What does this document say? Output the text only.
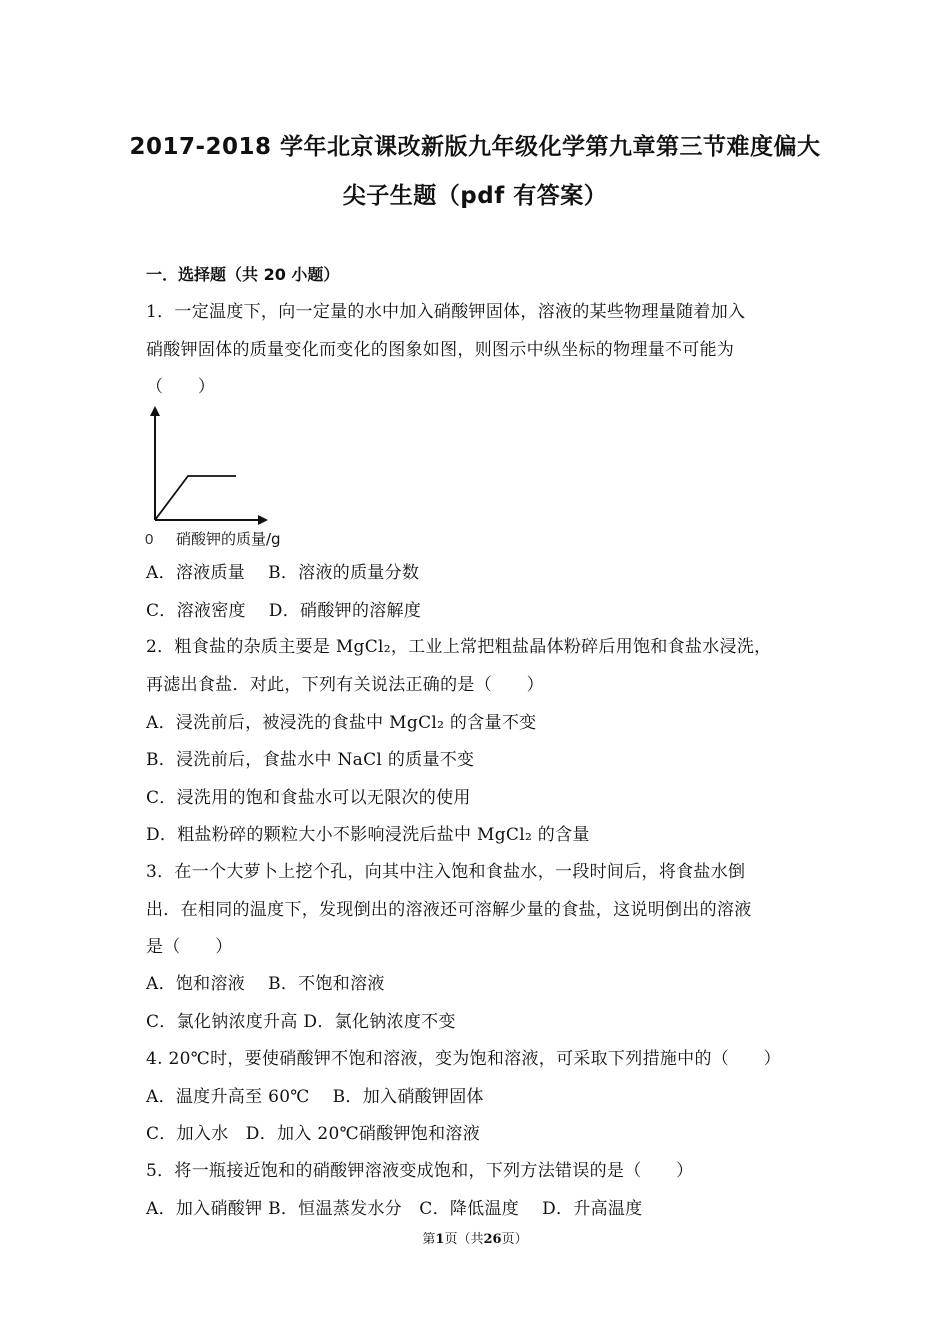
2017-2018 学年北京课改新版九年级化学第九章第三节难度偏大
尖子生题（pdf 有答案）
一．选择题（共 20 小题）
1．一定温度下，向一定量的水中加入硝酸钾固体，溶液的某些物理量随着加入
硝酸钾固体的质量变化而变化的图象如图，则图示中纵坐标的物理量不可能为
（　　）
0 硝酸钾的质量/g
A．溶液质量　 B．溶液的质量分数
C．溶液密度　 D．硝酸钾的溶解度
2．粗食盐的杂质主要是 MgCl₂，工业上常把粗盐晶体粉碎后用饱和食盐水浸洗，
再滤出食盐．对此，下列有关说法正确的是（　　）
A．浸洗前后，被浸洗的食盐中 MgCl₂ 的含量不变
B．浸洗前后，食盐水中 NaCl 的质量不变
C．浸洗用的饱和食盐水可以无限次的使用
D．粗盐粉碎的颗粒大小不影响浸洗后盐中 MgCl₂ 的含量
3．在一个大萝卜上挖个孔，向其中注入饱和食盐水，一段时间后，将食盐水倒
出．在相同的温度下，发现倒出的溶液还可溶解少量的食盐，这说明倒出的溶液
是（　　）
A．饱和溶液　 B．不饱和溶液
C．氯化钠浓度升高 D．氯化钠浓度不变
4. 20℃时，要使硝酸钾不饱和溶液，变为饱和溶液，可采取下列措施中的（　　）
A．温度升高至 60℃　 B．加入硝酸钾固体
C．加入水　D．加入 20℃硝酸钾饱和溶液
5．将一瓶接近饱和的硝酸钾溶液变成饱和，下列方法错误的是（　　）
A．加入硝酸钾 B．恒温蒸发水分　C．降低温度　 D．升高温度
第1页（共26页）
